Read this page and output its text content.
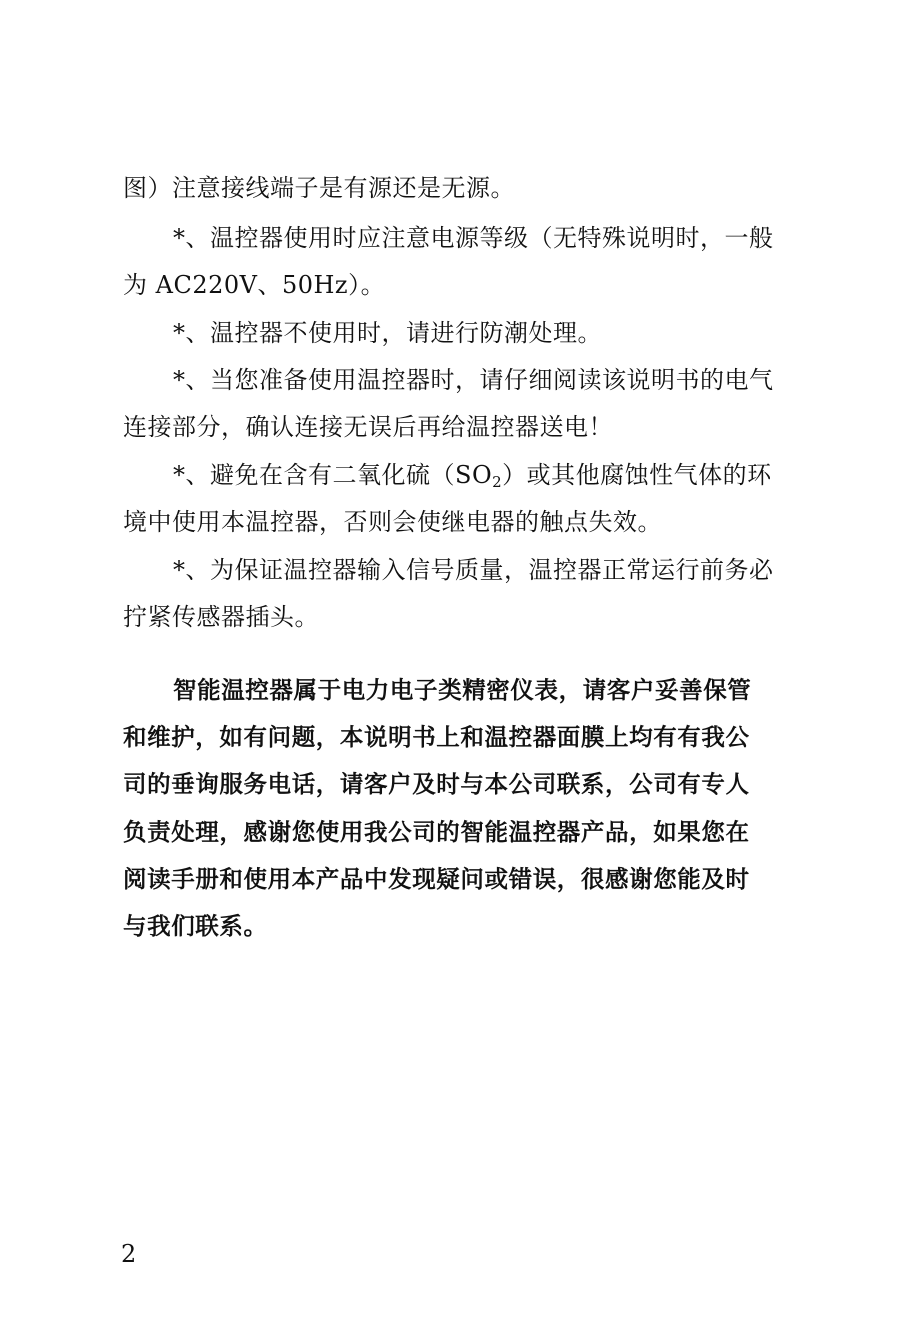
图）注意接线端子是有源还是无源。
*、温控器使用时应注意电源等级（无特殊说明时，一般
为 AC220V、50Hz）。
*、温控器不使用时，请进行防潮处理。
*、当您准备使用温控器时，请仔细阅读该说明书的电气
连接部分，确认连接无误后再给温控器送电！
*、避免在含有二氧化硫$(SO_2)$或其他腐蚀性气体的环
境中使用本温控器，否则会使继电器的触点失效。
*、为保证温控器输入信号质量，温控器正常运行前务必
拧紧传感器插头。
智能温控器属于电力电子类精密仪表，请客户妥善保管
和维护，如有问题，本说明书上和温控器面膜上均有有我公
司的垂询服务电话，请客户及时与本公司联系，公司有专人
负责处理，感谢您使用我公司的智能温控器产品，如果您在
阅读手册和使用本产品中发现疑问或错误，很感谢您能及时
与我们联系。
2
